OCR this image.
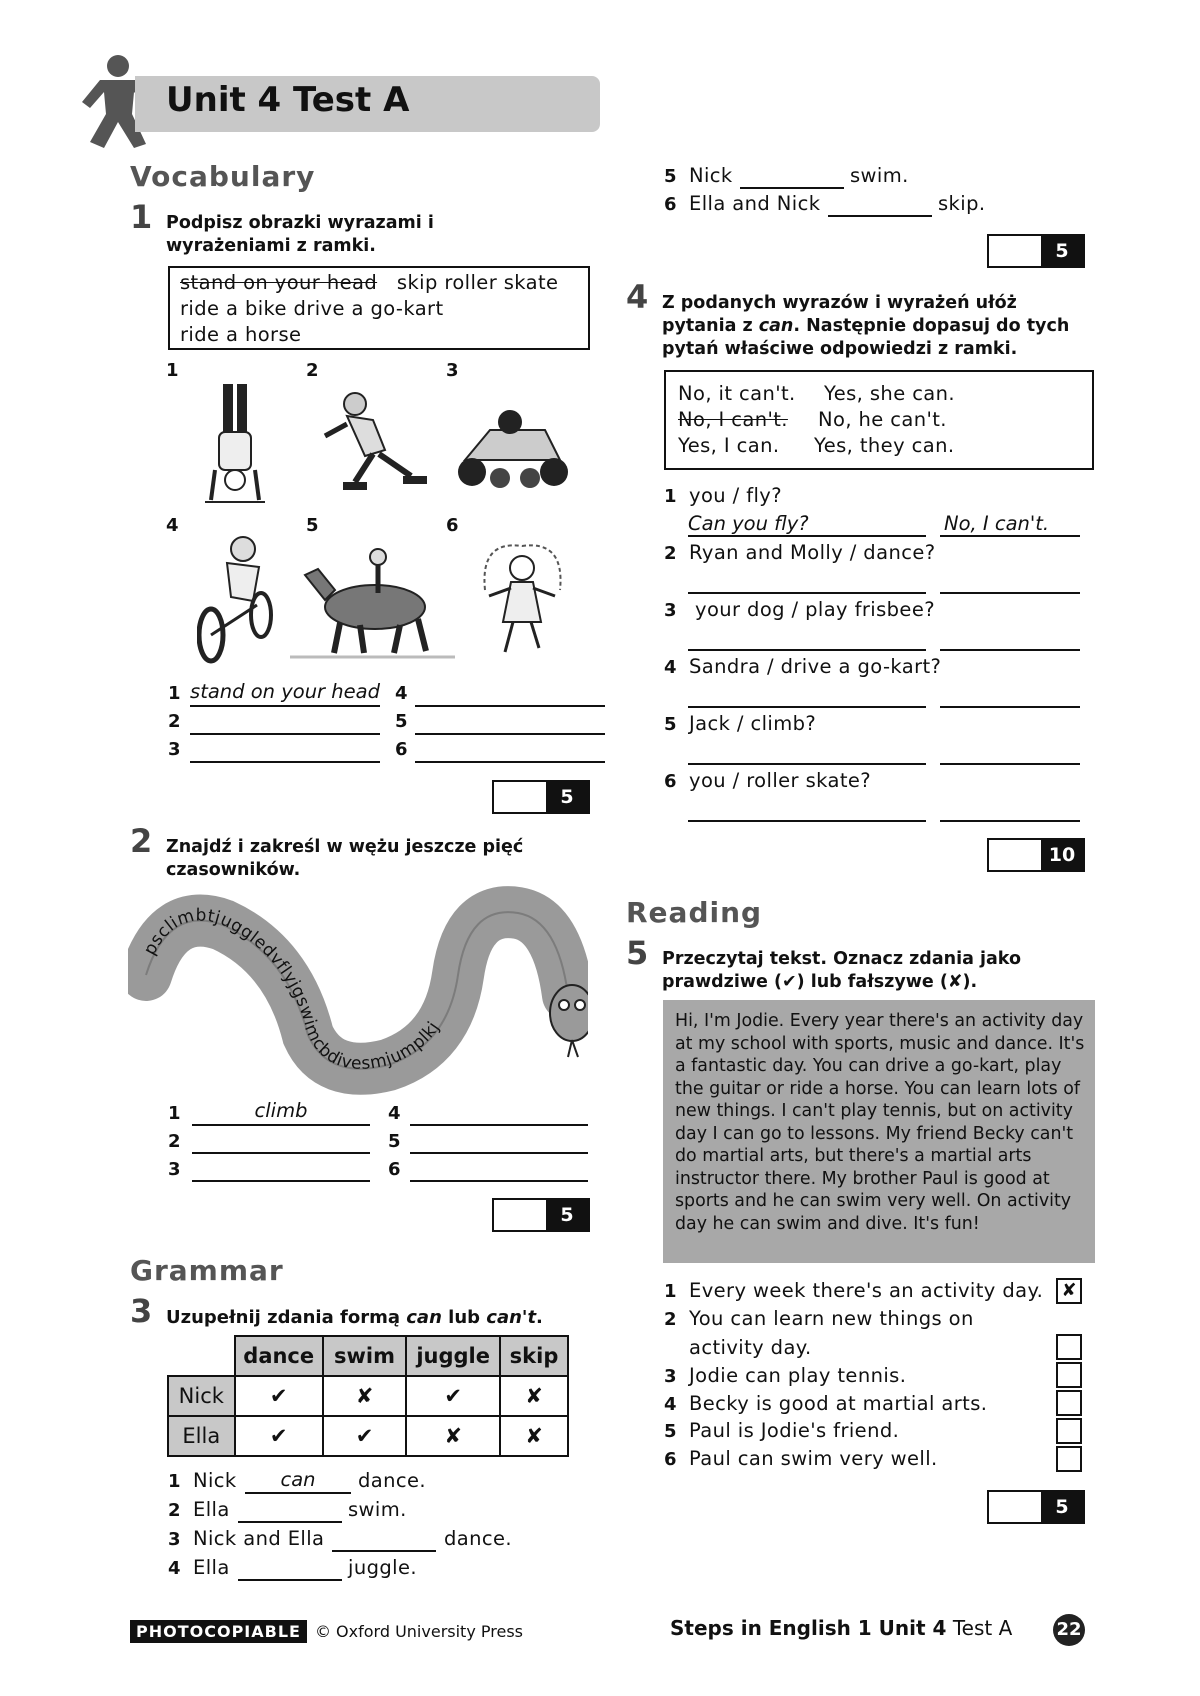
Unit 4 Test A
Vocabulary
1 Podpisz obrazki wyrazami i
wyrażeniami z ramki.
stand on your head skip roller skate
ride a bike drive a go-kart
ride a horse
1	2	3
4	5	6
1 stand on your head 4
2	5
3	6
5
2 Znajdź i zakreśl w wężu jeszcze pięć
czasowników.
psclimbtjuggledvflyjgswimcbdivesmjumplkj
1	climb	4
2	5
3	6
5
Grammar
3 Uzupełnij zdania formą can lub can't.
	dance	swim	juggle	skip
Nick	✔	✘	✔	✘
Ella	✔	✔	✘	✘
1 Nick	can	dance.
2 Ella	swim.
3 Nick and Ella	dance.
4 Ella	juggle.
5 Nick	swim.
6 Ella and Nick	skip.
5
4 Z podanych wyrazów i wyrażeń ułóż
pytania z can. Następnie dopasuj do tych
pytań właściwe odpowiedzi z ramki.
No, it can't. Yes, she can.
No, I can't. No, he can't.
Yes, I can. Yes, they can.
1 you / fly?
Can you fly?	No, I can't.
2 Ryan and Molly / dance?
3 your dog / play frisbee?
4 Sandra / drive a go-kart?
5 Jack / climb?
6 you / roller skate?
10
Reading
5 Przeczytaj tekst. Oznacz zdania jako
prawdziwe (✔) lub fałszywe (✘).

Hi, I'm Jodie. Every year there's an activity day at my school with sports, music and dance. It's a fantastic day. You can drive a go-kart, play the guitar or ride a horse. You can learn lots of new things. I can't play tennis, but on activity day I can go to lessons. My friend Becky can't do martial arts, but there's a martial arts instructor there. My brother Paul is good at sports and he can swim very well. On activity day he can swim and dive. It's fun!

1 Every week there's an activity day.	✘
2 You can learn new things on
activity day.
3 Jodie can play tennis.
4 Becky is good at martial arts.
5 Paul is Jodie's friend.
6 Paul can swim very well.
5
PHOTOCOPIABLE © Oxford University Press	Steps in English 1 Unit 4 Test A 22
